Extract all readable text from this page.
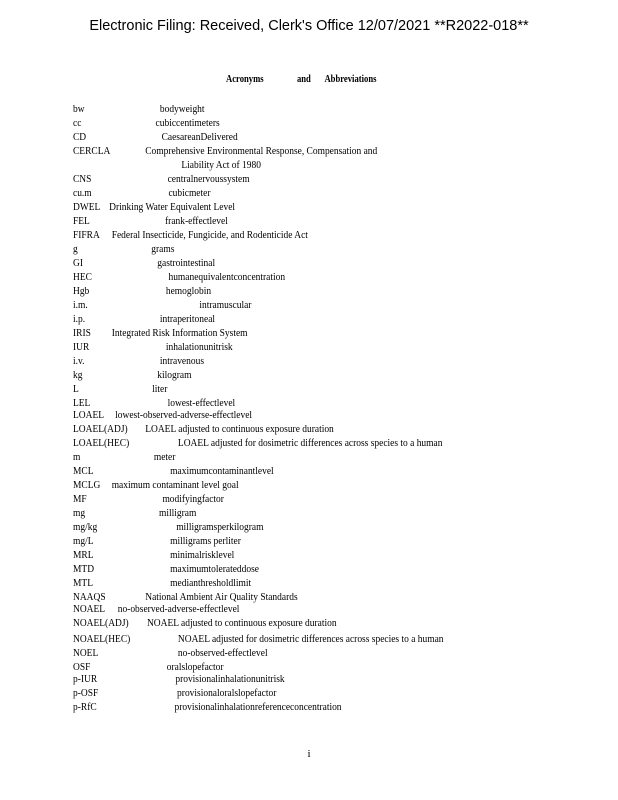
Electronic Filing: Received, Clerk's Office 12/07/2021 **R2022-018**
Acronyms	and Abbreviations
bw	bodyweight
cc	cubiccentimeters
CD	CaesareanDelivered
CERCLA	Comprehensive Environmental Response, Compensation and
Liability Act of 1980
CNS	centralnervoussystem
cu.m	cubicmeter
DWEL Drinking Water Equivalent Level
FEL	frank-effectlevel
FIFRA Federal Insecticide, Fungicide, and Rodenticide Act
g	grams
GI	gastrointestinal
HEC	humanequivalentconcentration
Hgb	hemoglobin
i.m.	intramuscular
i.p.	intraperitoneal
IRIS Integrated Risk Information System
IUR	inhalationunitrisk
i.v.	intravenous
kg	kilogram
L	liter
LEL	lowest-effectlevel
LOAEL lowest-observed-adverse-effectlevel
LOAEL(ADJ) LOAEL adjusted to continuous exposure duration
LOAEL(HEC)	LOAEL adjusted for dosimetric differences across species to a human
m	meter
MCL	maximumcontaminantlevel
MCLG maximum contaminant level goal
MF	modifyingfactor
mg	milligram
mg/kg	milligramsperkilogram
mg/L	milligrams perliter
MRL	minimalrisklevel
MTD	maximumtolerateddose
MTL	medianthresholdlimit
NAAQS	National Ambient Air Quality Standards
NOAEL no-observed-adverse-effectlevel
NOAEL(ADJ) NOAEL adjusted to continuous exposure duration
NOAEL(HEC)	NOAEL adjusted for dosimetric differences across species to a human
NOEL	no-observed-effectlevel
OSF	oralslopefactor
p-IUR	provisionalinhalationunitrisk
p-OSF	provisionaloralslopefactor
p-RfC	provisionalinhalationreferenceconcentration
i
